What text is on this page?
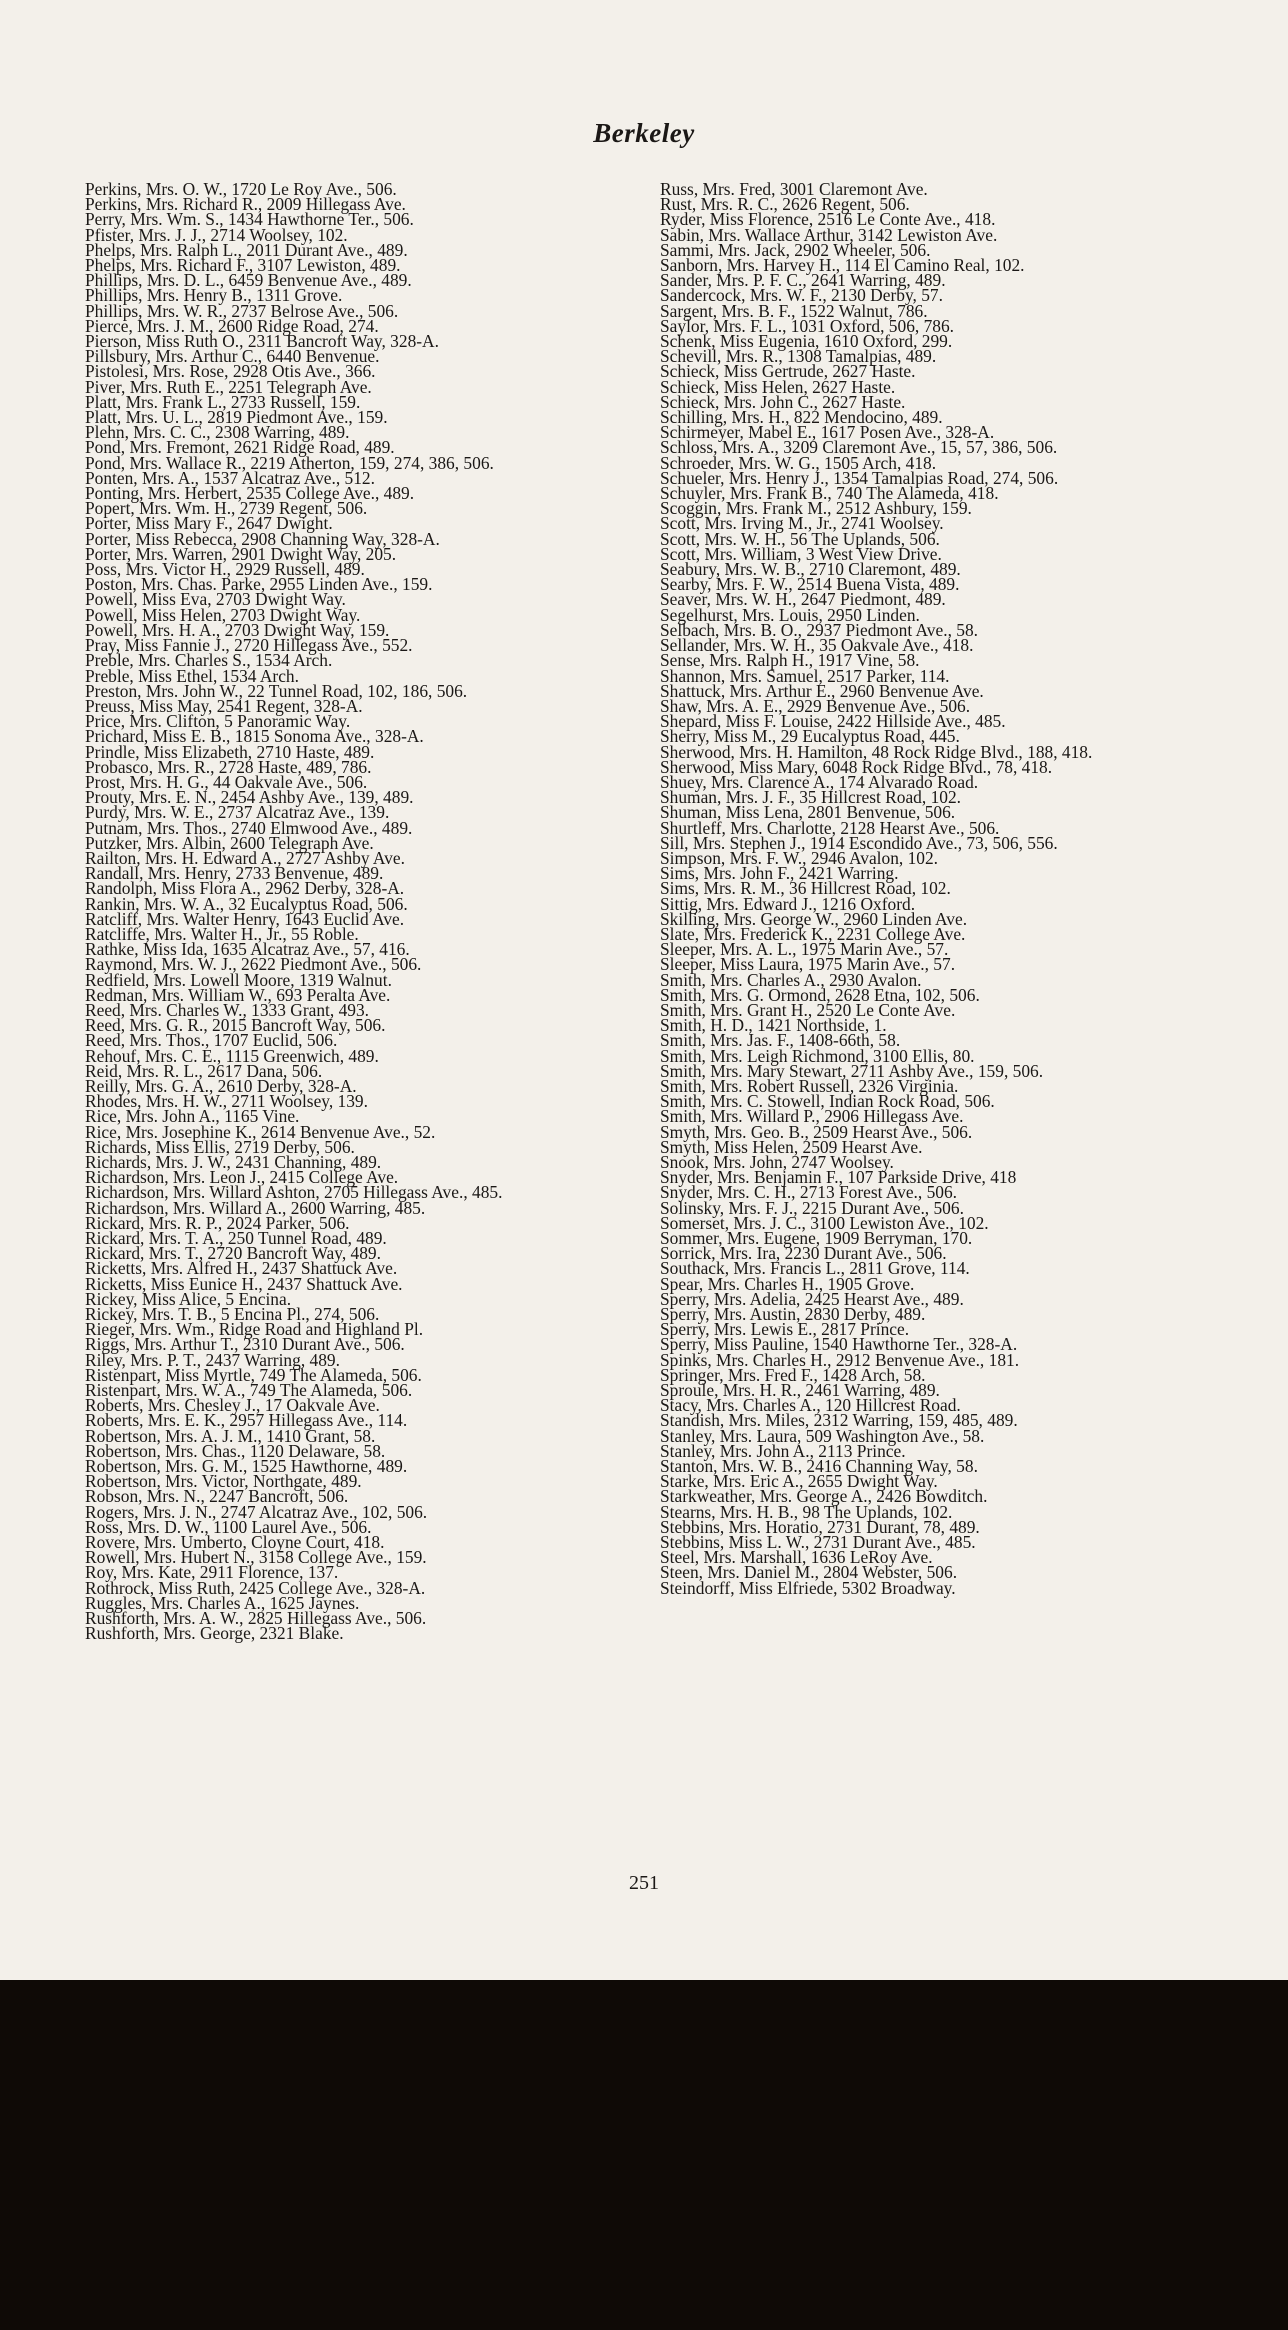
Berkeley
Perkins, Mrs. O. W., 1720 Le Roy Ave., 506.
Perkins, Mrs. Richard R., 2009 Hillegass Ave.
Perry, Mrs. Wm. S., 1434 Hawthorne Ter., 506.
Pfister, Mrs. J. J., 2714 Woolsey, 102.
Phelps, Mrs. Ralph L., 2011 Durant Ave., 489.
Phelps, Mrs. Richard F., 3107 Lewiston, 489.
Phillips, Mrs. D. L., 6459 Benvenue Ave., 489.
Phillips, Mrs. Henry B., 1311 Grove.
Phillips, Mrs. W. R., 2737 Belrose Ave., 506.
Pierce, Mrs. J. M., 2600 Ridge Road, 274.
Pierson, Miss Ruth O., 2311 Bancroft Way, 328-A.
Pillsbury, Mrs. Arthur C., 6440 Benvenue.
Pistolesi, Mrs. Rose, 2928 Otis Ave., 366.
Piver, Mrs. Ruth E., 2251 Telegraph Ave.
Platt, Mrs. Frank L., 2733 Russell, 159.
Platt, Mrs. U. L., 2819 Piedmont Ave., 159.
Plehn, Mrs. C. C., 2308 Warring, 489.
Pond, Mrs. Fremont, 2621 Ridge Road, 489.
Pond, Mrs. Wallace R., 2219 Atherton, 159, 274, 386, 506.
Ponten, Mrs. A., 1537 Alcatraz Ave., 512.
Ponting, Mrs. Herbert, 2535 College Ave., 489.
Popert, Mrs. Wm. H., 2739 Regent, 506.
Porter, Miss Mary F., 2647 Dwight.
Porter, Miss Rebecca, 2908 Channing Way, 328-A.
Porter, Mrs. Warren, 2901 Dwight Way, 205.
Poss, Mrs. Victor H., 2929 Russell, 489.
Poston, Mrs. Chas. Parke, 2955 Linden Ave., 159.
Powell, Miss Eva, 2703 Dwight Way.
Powell, Miss Helen, 2703 Dwight Way.
Powell, Mrs. H. A., 2703 Dwight Way, 159.
Pray, Miss Fannie J., 2720 Hillegass Ave., 552.
Preble, Mrs. Charles S., 1534 Arch.
Preble, Miss Ethel, 1534 Arch.
Preston, Mrs. John W., 22 Tunnel Road, 102, 186, 506.
Preuss, Miss May, 2541 Regent, 328-A.
Price, Mrs. Clifton, 5 Panoramic Way.
Prichard, Miss E. B., 1815 Sonoma Ave., 328-A.
Prindle, Miss Elizabeth, 2710 Haste, 489.
Probasco, Mrs. R., 2728 Haste, 489, 786.
Prost, Mrs. H. G., 44 Oakvale Ave., 506.
Prouty, Mrs. E. N., 2454 Ashby Ave., 139, 489.
Purdy, Mrs. W. E., 2737 Alcatraz Ave., 139.
Putnam, Mrs. Thos., 2740 Elmwood Ave., 489.
Putzker, Mrs. Albin, 2600 Telegraph Ave.
Railton, Mrs. H. Edward A., 2727 Ashby Ave.
Randall, Mrs. Henry, 2733 Benvenue, 489.
Randolph, Miss Flora A., 2962 Derby, 328-A.
Rankin, Mrs. W. A., 32 Eucalyptus Road, 506.
Ratcliff, Mrs. Walter Henry, 1643 Euclid Ave.
Ratcliffe, Mrs. Walter H., Jr., 55 Roble.
Rathke, Miss Ida, 1635 Alcatraz Ave., 57, 416.
Raymond, Mrs. W. J., 2622 Piedmont Ave., 506.
Redfield, Mrs. Lowell Moore, 1319 Walnut.
Redman, Mrs. William W., 693 Peralta Ave.
Reed, Mrs. Charles W., 1333 Grant, 493.
Reed, Mrs. G. R., 2015 Bancroft Way, 506.
Reed, Mrs. Thos., 1707 Euclid, 506.
Rehouf, Mrs. C. E., 1115 Greenwich, 489.
Reid, Mrs. R. L., 2617 Dana, 506.
Reilly, Mrs. G. A., 2610 Derby, 328-A.
Rhodes, Mrs. H. W., 2711 Woolsey, 139.
Rice, Mrs. John A., 1165 Vine.
Rice, Mrs. Josephine K., 2614 Benvenue Ave., 52.
Richards, Miss Ellis, 2719 Derby, 506.
Richards, Mrs. J. W., 2431 Channing, 489.
Richardson, Mrs. Leon J., 2415 College Ave.
Richardson, Mrs. Willard Ashton, 2705 Hillegass Ave., 485.
Richardson, Mrs. Willard A., 2600 Warring, 485.
Rickard, Mrs. R. P., 2024 Parker, 506.
Rickard, Mrs. T. A., 250 Tunnel Road, 489.
Rickard, Mrs. T., 2720 Bancroft Way, 489.
Ricketts, Mrs. Alfred H., 2437 Shattuck Ave.
Ricketts, Miss Eunice H., 2437 Shattuck Ave.
Rickey, Miss Alice, 5 Encina.
Rickey, Mrs. T. B., 5 Encina Pl., 274, 506.
Rieger, Mrs. Wm., Ridge Road and Highland Pl.
Riggs, Mrs. Arthur T., 2310 Durant Ave., 506.
Riley, Mrs. P. T., 2437 Warring, 489.
Ristenpart, Miss Myrtle, 749 The Alameda, 506.
Ristenpart, Mrs. W. A., 749 The Alameda, 506.
Roberts, Mrs. Chesley J., 17 Oakvale Ave.
Roberts, Mrs. E. K., 2957 Hillegass Ave., 114.
Robertson, Mrs. A. J. M., 1410 Grant, 58.
Robertson, Mrs. Chas., 1120 Delaware, 58.
Robertson, Mrs. G. M., 1525 Hawthorne, 489.
Robertson, Mrs. Victor, Northgate, 489.
Robson, Mrs. N., 2247 Bancroft, 506.
Rogers, Mrs. J. N., 2747 Alcatraz Ave., 102, 506.
Ross, Mrs. D. W., 1100 Laurel Ave., 506.
Rovere, Mrs. Umberto, Cloyne Court, 418.
Rowell, Mrs. Hubert N., 3158 College Ave., 159.
Roy, Mrs. Kate, 2911 Florence, 137.
Rothrock, Miss Ruth, 2425 College Ave., 328-A.
Ruggles, Mrs. Charles A., 1625 Jaynes.
Rushforth, Mrs. A. W., 2825 Hillegass Ave., 506.
Rushforth, Mrs. George, 2321 Blake.
Russ, Mrs. Fred, 3001 Claremont Ave.
Rust, Mrs. R. C., 2626 Regent, 506.
Ryder, Miss Florence, 2516 Le Conte Ave., 418.
Sabin, Mrs. Wallace Arthur, 3142 Lewiston Ave.
Sammi, Mrs. Jack, 2902 Wheeler, 506.
Sanborn, Mrs. Harvey H., 114 El Camino Real, 102.
Sander, Mrs. P. F. C., 2641 Warring, 489.
Sandercock, Mrs. W. F., 2130 Derby, 57.
Sargent, Mrs. B. F., 1522 Walnut, 786.
Saylor, Mrs. F. L., 1031 Oxford, 506, 786.
Schenk, Miss Eugenia, 1610 Oxford, 299.
Schevill, Mrs. R., 1308 Tamalpias, 489.
Schieck, Miss Gertrude, 2627 Haste.
Schieck, Miss Helen, 2627 Haste.
Schieck, Mrs. John C., 2627 Haste.
Schilling, Mrs. H., 822 Mendocino, 489.
Schirmeyer, Mabel E., 1617 Posen Ave., 328-A.
Schloss, Mrs. A., 3209 Claremont Ave., 15, 57, 386, 506.
Schroeder, Mrs. W. G., 1505 Arch, 418.
Schueler, Mrs. Henry J., 1354 Tamalpias Road, 274, 506.
Schuyler, Mrs. Frank B., 740 The Alameda, 418.
Scoggin, Mrs. Frank M., 2512 Ashbury, 159.
Scott, Mrs. Irving M., Jr., 2741 Woolsey.
Scott, Mrs. W. H., 56 The Uplands, 506.
Scott, Mrs. William, 3 West View Drive.
Seabury, Mrs. W. B., 2710 Claremont, 489.
Searby, Mrs. F. W., 2514 Buena Vista, 489.
Seaver, Mrs. W. H., 2647 Piedmont, 489.
Segelhurst, Mrs. Louis, 2950 Linden.
Selbach, Mrs. B. O., 2937 Piedmont Ave., 58.
Sellander, Mrs. W. H., 35 Oakvale Ave., 418.
Sense, Mrs. Ralph H., 1917 Vine, 58.
Shannon, Mrs. Samuel, 2517 Parker, 114.
Shattuck, Mrs. Arthur E., 2960 Benvenue Ave.
Shaw, Mrs. A. E., 2929 Benvenue Ave., 506.
Shepard, Miss F. Louise, 2422 Hillside Ave., 485.
Sherry, Miss M., 29 Eucalyptus Road, 445.
Sherwood, Mrs. H. Hamilton, 48 Rock Ridge Blvd., 188, 418.
Sherwood, Miss Mary, 6048 Rock Ridge Blvd., 78, 418.
Shuey, Mrs. Clarence A., 174 Alvarado Road.
Shuman, Mrs. J. F., 35 Hillcrest Road, 102.
Shuman, Miss Lena, 2801 Benvenue, 506.
Shurtleff, Mrs. Charlotte, 2128 Hearst Ave., 506.
Sill, Mrs. Stephen J., 1914 Escondido Ave., 73, 506, 556.
Simpson, Mrs. F. W., 2946 Avalon, 102.
Sims, Mrs. John F., 2421 Warring.
Sims, Mrs. R. M., 36 Hillcrest Road, 102.
Sittig, Mrs. Edward J., 1216 Oxford.
Skilling, Mrs. George W., 2960 Linden Ave.
Slate, Mrs. Frederick K., 2231 College Ave.
Sleeper, Mrs. A. L., 1975 Marin Ave., 57.
Sleeper, Miss Laura, 1975 Marin Ave., 57.
Smith, Mrs. Charles A., 2930 Avalon.
Smith, Mrs. G. Ormond, 2628 Etna, 102, 506.
Smith, Mrs. Grant H., 2520 Le Conte Ave.
Smith, H. D., 1421 Northside, 1.
Smith, Mrs. Jas. F., 1408-66th, 58.
Smith, Mrs. Leigh Richmond, 3100 Ellis, 80.
Smith, Mrs. Mary Stewart, 2711 Ashby Ave., 159, 506.
Smith, Mrs. Robert Russell, 2326 Virginia.
Smith, Mrs. C. Stowell, Indian Rock Road, 506.
Smith, Mrs. Willard P., 2906 Hillegass Ave.
Smyth, Mrs. Geo. B., 2509 Hearst Ave., 506.
Smyth, Miss Helen, 2509 Hearst Ave.
Snook, Mrs. John, 2747 Woolsey.
Snyder, Mrs. Benjamin F., 107 Parkside Drive, 418
Snyder, Mrs. C. H., 2713 Forest Ave., 506.
Solinsky, Mrs. F. J., 2215 Durant Ave., 506.
Somerset, Mrs. J. C., 3100 Lewiston Ave., 102.
Sommer, Mrs. Eugene, 1909 Berryman, 170.
Sorrick, Mrs. Ira, 2230 Durant Ave., 506.
Southack, Mrs. Francis L., 2811 Grove, 114.
Spear, Mrs. Charles H., 1905 Grove.
Sperry, Mrs. Adelia, 2425 Hearst Ave., 489.
Sperry, Mrs. Austin, 2830 Derby, 489.
Sperry, Mrs. Lewis E., 2817 Prince.
Sperry, Miss Pauline, 1540 Hawthorne Ter., 328-A.
Spinks, Mrs. Charles H., 2912 Benvenue Ave., 181.
Springer, Mrs. Fred F., 1428 Arch, 58.
Sproule, Mrs. H. R., 2461 Warring, 489.
Stacy, Mrs. Charles A., 120 Hillcrest Road.
Standish, Mrs. Miles, 2312 Warring, 159, 485, 489.
Stanley, Mrs. Laura, 509 Washington Ave., 58.
Stanley, Mrs. John A., 2113 Prince.
Stanton, Mrs. W. B., 2416 Channing Way, 58.
Starke, Mrs. Eric A., 2655 Dwight Way.
Starkweather, Mrs. George A., 2426 Bowditch.
Stearns, Mrs. H. B., 98 The Uplands, 102.
Stebbins, Mrs. Horatio, 2731 Durant, 78, 489.
Stebbins, Miss L. W., 2731 Durant Ave., 485.
Steel, Mrs. Marshall, 1636 LeRoy Ave.
Steen, Mrs. Daniel M., 2804 Webster, 506.
Steindorff, Miss Elfriede, 5302 Broadway.
251
